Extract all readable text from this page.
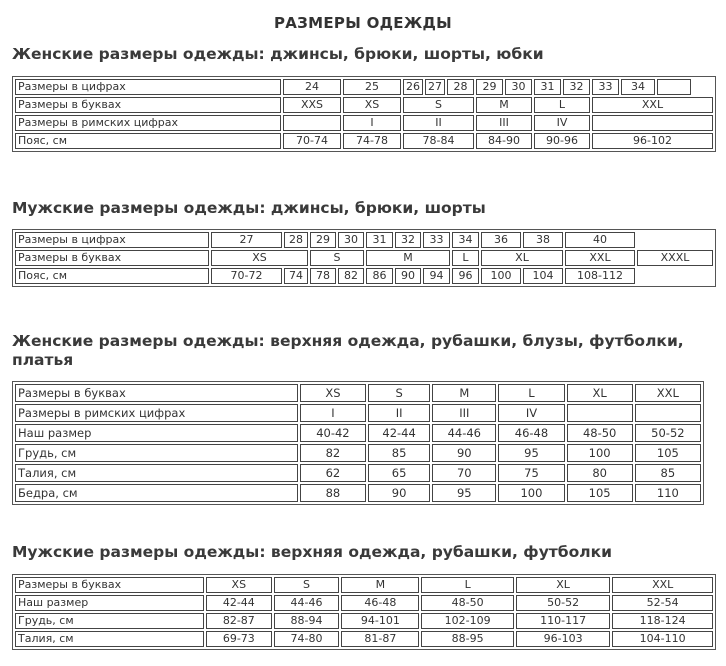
РАЗМЕРЫ ОДЕЖДЫ
Женские размеры одежды: джинсы, брюки, шорты, юбки
Размеры в цифрах	24	25	26	27	28	29	30	31	32	33	34	
Размеры в буквах	XXS	XS	S			M		L		XXL		
Размеры в римских цифрах		I	II			III		IV				
Пояс, см	70-74	74-78	78-84			84-90		90-96		96-102		
Мужские размеры одежды: джинсы, брюки, шорты
Размеры в цифрах	27	28	29	30	31	32	33	34	36	38	40	
Размеры в буквах	XS		S		M			L	XL		XXL	XXXL
Пояс, см	70-72	74	78	82	86	90	94	96	100	104	108-112	
Женские размеры одежды: верхняя одежда, рубашки, блузы, футболки, платья
Размеры в буквах	XS	S	M	L	XL	XXL
Размеры в римских цифрах	I	II	III	IV		
Наш размер	40-42	42-44	44-46	46-48	48-50	50-52
Грудь, см	82	85	90	95	100	105
Талия, см	62	65	70	75	80	85
Бедра, см	88	90	95	100	105	110
Мужские размеры одежды: верхняя одежда, рубашки, футболки
Размеры в буквах	XS	S	M	L	XL	XXL
Наш размер	42-44	44-46	46-48	48-50	50-52	52-54
Грудь, см	82-87	88-94	94-101	102-109	110-117	118-124
Талия, см	69-73	74-80	81-87	88-95	96-103	104-110
